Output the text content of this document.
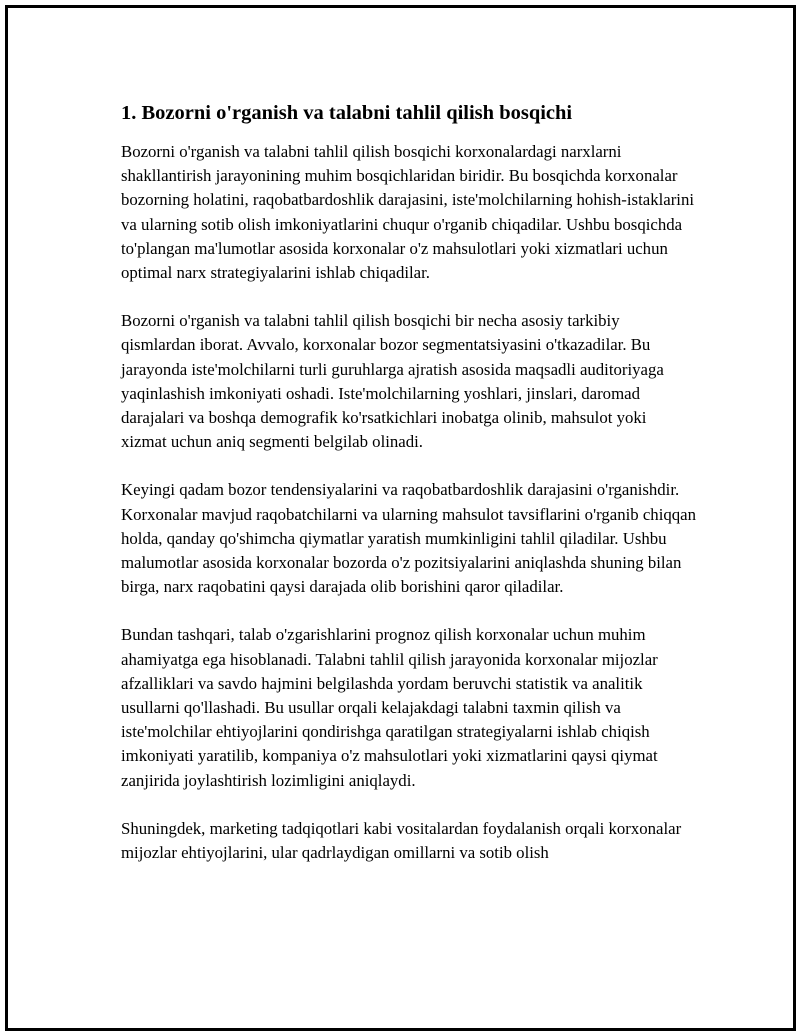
1. Bozorni o'rganish va talabni tahlil qilish bosqichi

Bozorni o'rganish va talabni tahlil qilish bosqichi korxonalardagi narxlarni shakllantirish jarayonining muhim bosqichlaridan biridir. Bu bosqichda korxonalar bozorning holatini, raqobatbardoshlik darajasini, iste'molchilarning hohish-istaklarini va ularning sotib olish imkoniyatlarini chuqur o'rganib chiqadilar. Ushbu bosqichda to'plangan ma'lumotlar asosida korxonalar o'z mahsulotlari yoki xizmatlari uchun optimal narx strategiyalarini ishlab chiqadilar.

Bozorni o'rganish va talabni tahlil qilish bosqichi bir necha asosiy tarkibiy qismlardan iborat. Avvalo, korxonalar bozor segmentatsiyasini o'tkazadilar. Bu jarayonda iste'molchilarni turli guruhlarga ajratish asosida maqsadli auditoriyaga yaqinlashish imkoniyati oshadi. Iste'molchilarning yoshlari, jinslari, daromad darajalari va boshqa demografik ko'rsatkichlari inobatga olinib, mahsulot yoki xizmat uchun aniq segmenti belgilab olinadi.

Keyingi qadam bozor tendensiyalarini va raqobatbardoshlik darajasini o'rganishdir. Korxonalar mavjud raqobatchilarni va ularning mahsulot tavsiflarini o'rganib chiqqan holda, qanday qo'shimcha qiymatlar yaratish mumkinligini tahlil qiladilar. Ushbu malumotlar asosida korxonalar bozorda o'z pozitsiyalarini aniqlashda shuning bilan birga, narx raqobatini qaysi darajada olib borishini qaror qiladilar.

Bundan tashqari, talab o'zgarishlarini prognoz qilish korxonalar uchun muhim ahamiyatga ega hisoblanadi. Talabni tahlil qilish jarayonida korxonalar mijozlar afzalliklari va savdo hajmini belgilashda yordam beruvchi statistik va analitik usullarni qo'llashadi. Bu usullar orqali kelajakdagi talabni taxmin qilish va iste'molchilar ehtiyojlarini qondirishga qaratilgan strategiyalarni ishlab chiqish imkoniyati yaratilib, kompaniya o'z mahsulotlari yoki xizmatlarini qaysi qiymat zanjirida joylashtirish lozimligini aniqlaydi.

Shuningdek, marketing tadqiqotlari kabi vositalardan foydalanish orqali korxonalar mijozlar ehtiyojlarini, ular qadrlaydigan omillarni va sotib olish
